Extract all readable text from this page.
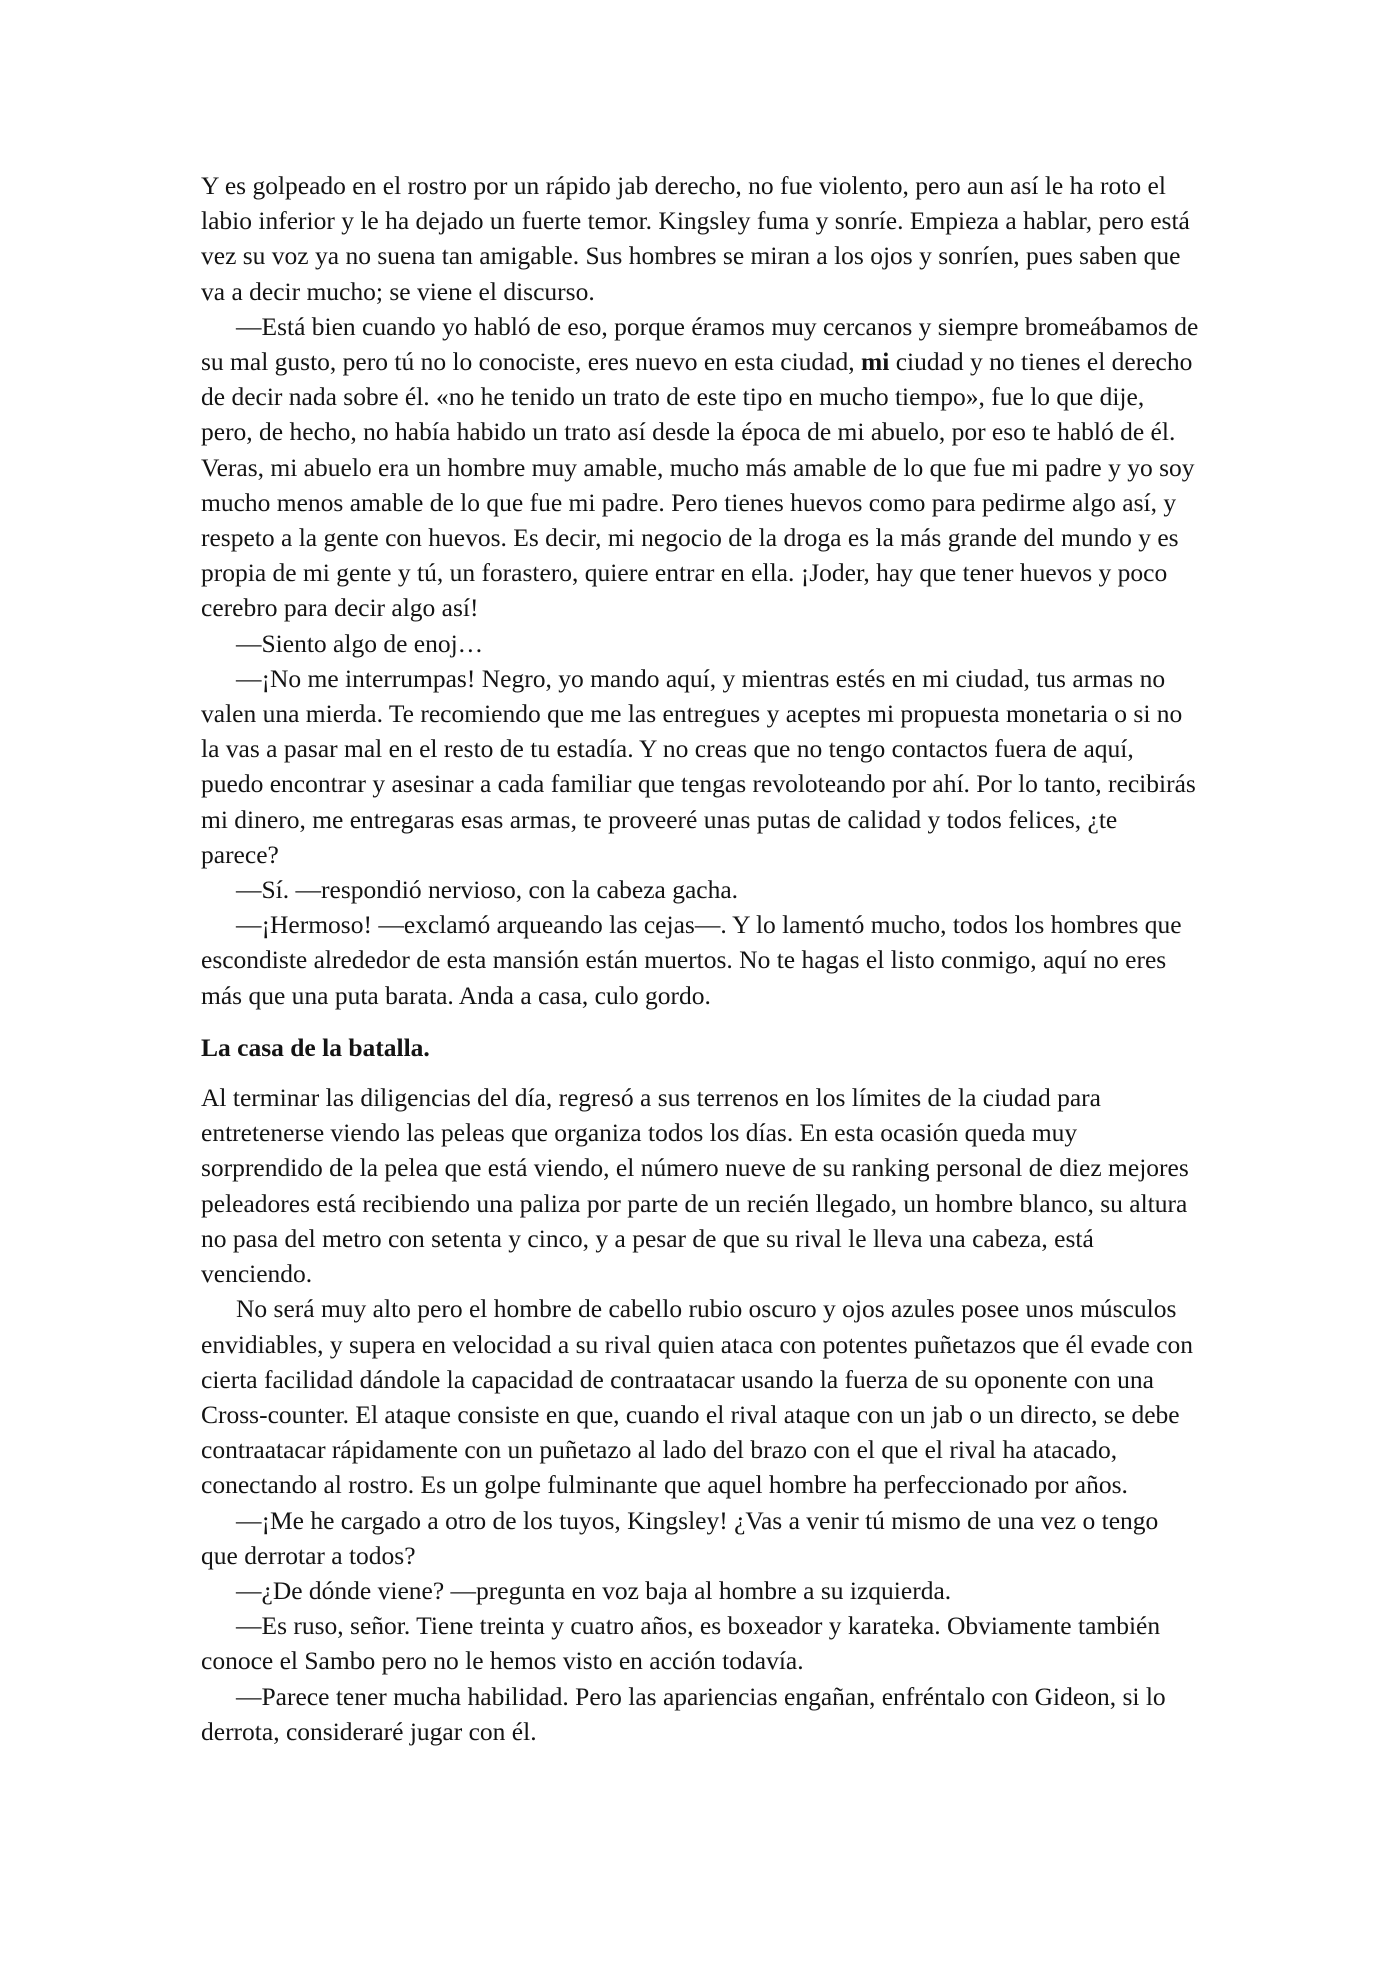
Y es golpeado en el rostro por un rápido jab derecho, no fue violento, pero aun así le ha roto el labio inferior y le ha dejado un fuerte temor. Kingsley fuma y sonríe. Empieza a hablar, pero está vez su voz ya no suena tan amigable. Sus hombres se miran a los ojos y sonríen, pues saben que va a decir mucho; se viene el discurso.

—Está bien cuando yo habló de eso, porque éramos muy cercanos y siempre bromeábamos de su mal gusto, pero tú no lo conociste, eres nuevo en esta ciudad, mi ciudad y no tienes el derecho de decir nada sobre él. «no he tenido un trato de este tipo en mucho tiempo», fue lo que dije, pero, de hecho, no había habido un trato así desde la época de mi abuelo, por eso te habló de él. Veras, mi abuelo era un hombre muy amable, mucho más amable de lo que fue mi padre y yo soy mucho menos amable de lo que fue mi padre. Pero tienes huevos como para pedirme algo así, y respeto a la gente con huevos. Es decir, mi negocio de la droga es la más grande del mundo y es propia de mi gente y tú, un forastero, quiere entrar en ella. ¡Joder, hay que tener huevos y poco cerebro para decir algo así!

—Siento algo de enoj…

—¡No me interrumpas! Negro, yo mando aquí, y mientras estés en mi ciudad, tus armas no valen una mierda. Te recomiendo que me las entregues y aceptes mi propuesta monetaria o si no la vas a pasar mal en el resto de tu estadía. Y no creas que no tengo contactos fuera de aquí, puedo encontrar y asesinar a cada familiar que tengas revoloteando por ahí. Por lo tanto, recibirás mi dinero, me entregaras esas armas, te proveeré unas putas de calidad y todos felices, ¿te parece?

—Sí. —respondió nervioso, con la cabeza gacha.

—¡Hermoso! —exclamó arqueando las cejas—. Y lo lamentó mucho, todos los hombres que escondiste alrededor de esta mansión están muertos. No te hagas el listo conmigo, aquí no eres más que una puta barata. Anda a casa, culo gordo.

La casa de la batalla.

Al terminar las diligencias del día, regresó a sus terrenos en los límites de la ciudad para entretenerse viendo las peleas que organiza todos los días. En esta ocasión queda muy sorprendido de la pelea que está viendo, el número nueve de su ranking personal de diez mejores peleadores está recibiendo una paliza por parte de un recién llegado, un hombre blanco, su altura no pasa del metro con setenta y cinco, y a pesar de que su rival le lleva una cabeza, está venciendo.

No será muy alto pero el hombre de cabello rubio oscuro y ojos azules posee unos músculos envidiables, y supera en velocidad a su rival quien ataca con potentes puñetazos que él evade con cierta facilidad dándole la capacidad de contraatacar usando la fuerza de su oponente con una Cross-counter. El ataque consiste en que, cuando el rival ataque con un jab o un directo, se debe contraatacar rápidamente con un puñetazo al lado del brazo con el que el rival ha atacado, conectando al rostro. Es un golpe fulminante que aquel hombre ha perfeccionado por años.

—¡Me he cargado a otro de los tuyos, Kingsley! ¿Vas a venir tú mismo de una vez o tengo que derrotar a todos?

—¿De dónde viene? —pregunta en voz baja al hombre a su izquierda.

—Es ruso, señor. Tiene treinta y cuatro años, es boxeador y karateka. Obviamente también conoce el Sambo pero no le hemos visto en acción todavía.

—Parece tener mucha habilidad. Pero las apariencias engañan, enfréntalo con Gideon, si lo derrota, consideraré jugar con él.
